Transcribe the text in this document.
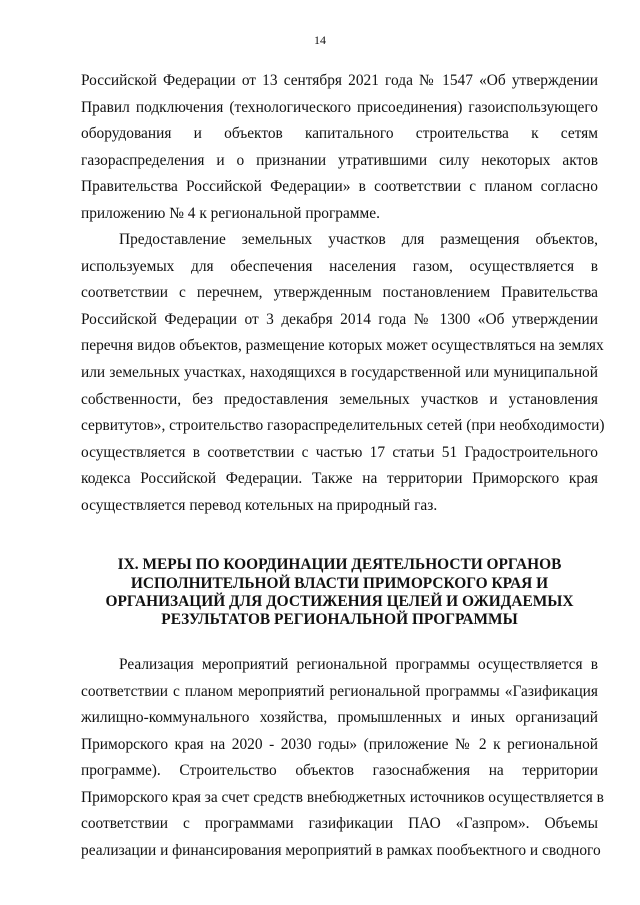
14

Российской Федерации от 13 сентября 2021 года № 1547 «Об утверждении
Правил подключения (технологического присоединения) газоиспользующего
оборудования и объектов капитального строительства к сетям
газораспределения и о признании утратившими силу некоторых актов
Правительства Российской Федерации» в соответствии с планом согласно
приложению № 4 к региональной программе.

Предоставление земельных участков для размещения объектов,
используемых для обеспечения населения газом, осуществляется в
соответствии с перечнем, утвержденным постановлением Правительства
Российской Федерации от 3 декабря 2014 года № 1300 «Об утверждении
перечня видов объектов, размещение которых может осуществляться на землях
или земельных участках, находящихся в государственной или муниципальной
собственности, без предоставления земельных участков и установления
сервитутов», строительство газораспределительных сетей (при необходимости)
осуществляется в соответствии с частью 17 статьи 51 Градостроительного
кодекса Российской Федерации. Также на территории Приморского края
осуществляется перевод котельных на природный газ.

IX. МЕРЫ ПО КООРДИНАЦИИ ДЕЯТЕЛЬНОСТИ ОРГАНОВ
ИСПОЛНИТЕЛЬНОЙ ВЛАСТИ ПРИМОРСКОГО КРАЯ И
ОРГАНИЗАЦИЙ ДЛЯ ДОСТИЖЕНИЯ ЦЕЛЕЙ И ОЖИДАЕМЫХ
РЕЗУЛЬТАТОВ РЕГИОНАЛЬНОЙ ПРОГРАММЫ

Реализация мероприятий региональной программы осуществляется в
соответствии с планом мероприятий региональной программы «Газификация
жилищно-коммунального хозяйства, промышленных и иных организаций
Приморского края на 2020 - 2030 годы» (приложение № 2 к региональной
программе). Строительство объектов газоснабжения на территории
Приморского края за счет средств внебюджетных источников осуществляется в
соответствии с программами газификации ПАО «Газпром». Объемы
реализации и финансирования мероприятий в рамках пообъектного и сводного
